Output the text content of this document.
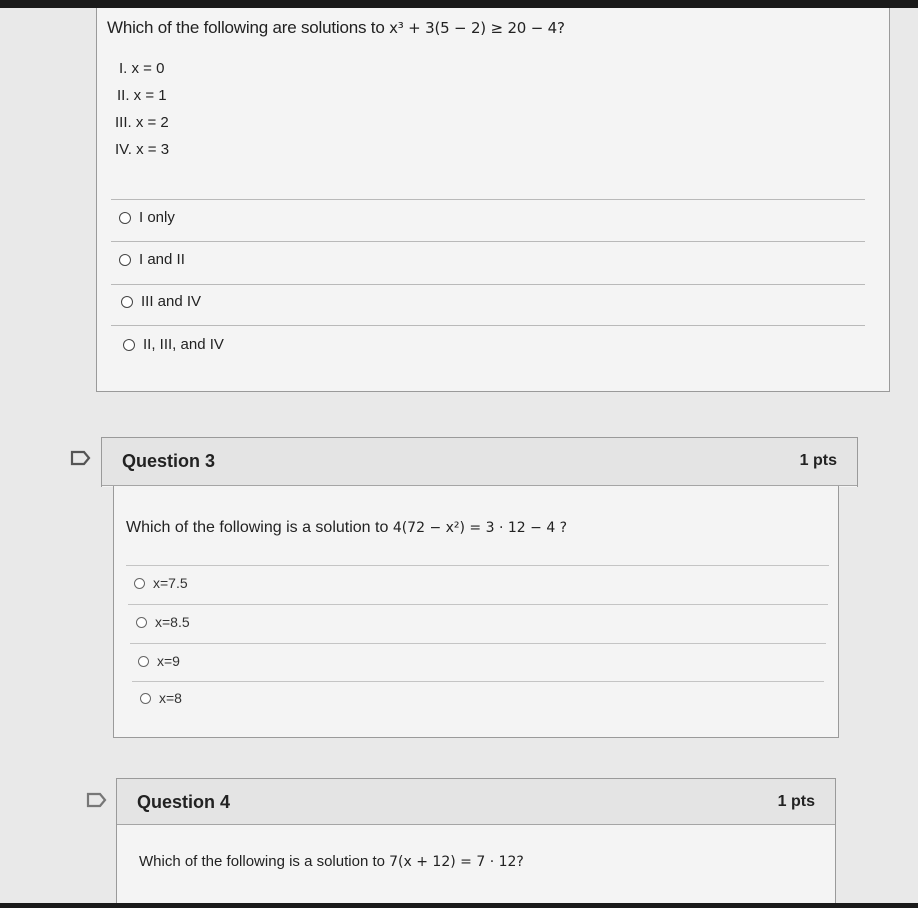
Which of the following are solutions to x³ + 3(5 − 2) ≥ 20 − 4?
I. x = 0
II. x = 1
III. x = 2
IV. x = 3
I only
I and II
III and IV
II, III, and IV
Which of the following is a solution to 4(72 − x²) = 3 · 12 − 4 ?
x=7.5
x=8.5
x=9
x=8
Question 3	1 pts
Question 4	1 pts
Which of the following is a solution to 7(x + 12) = 7 · 12?
